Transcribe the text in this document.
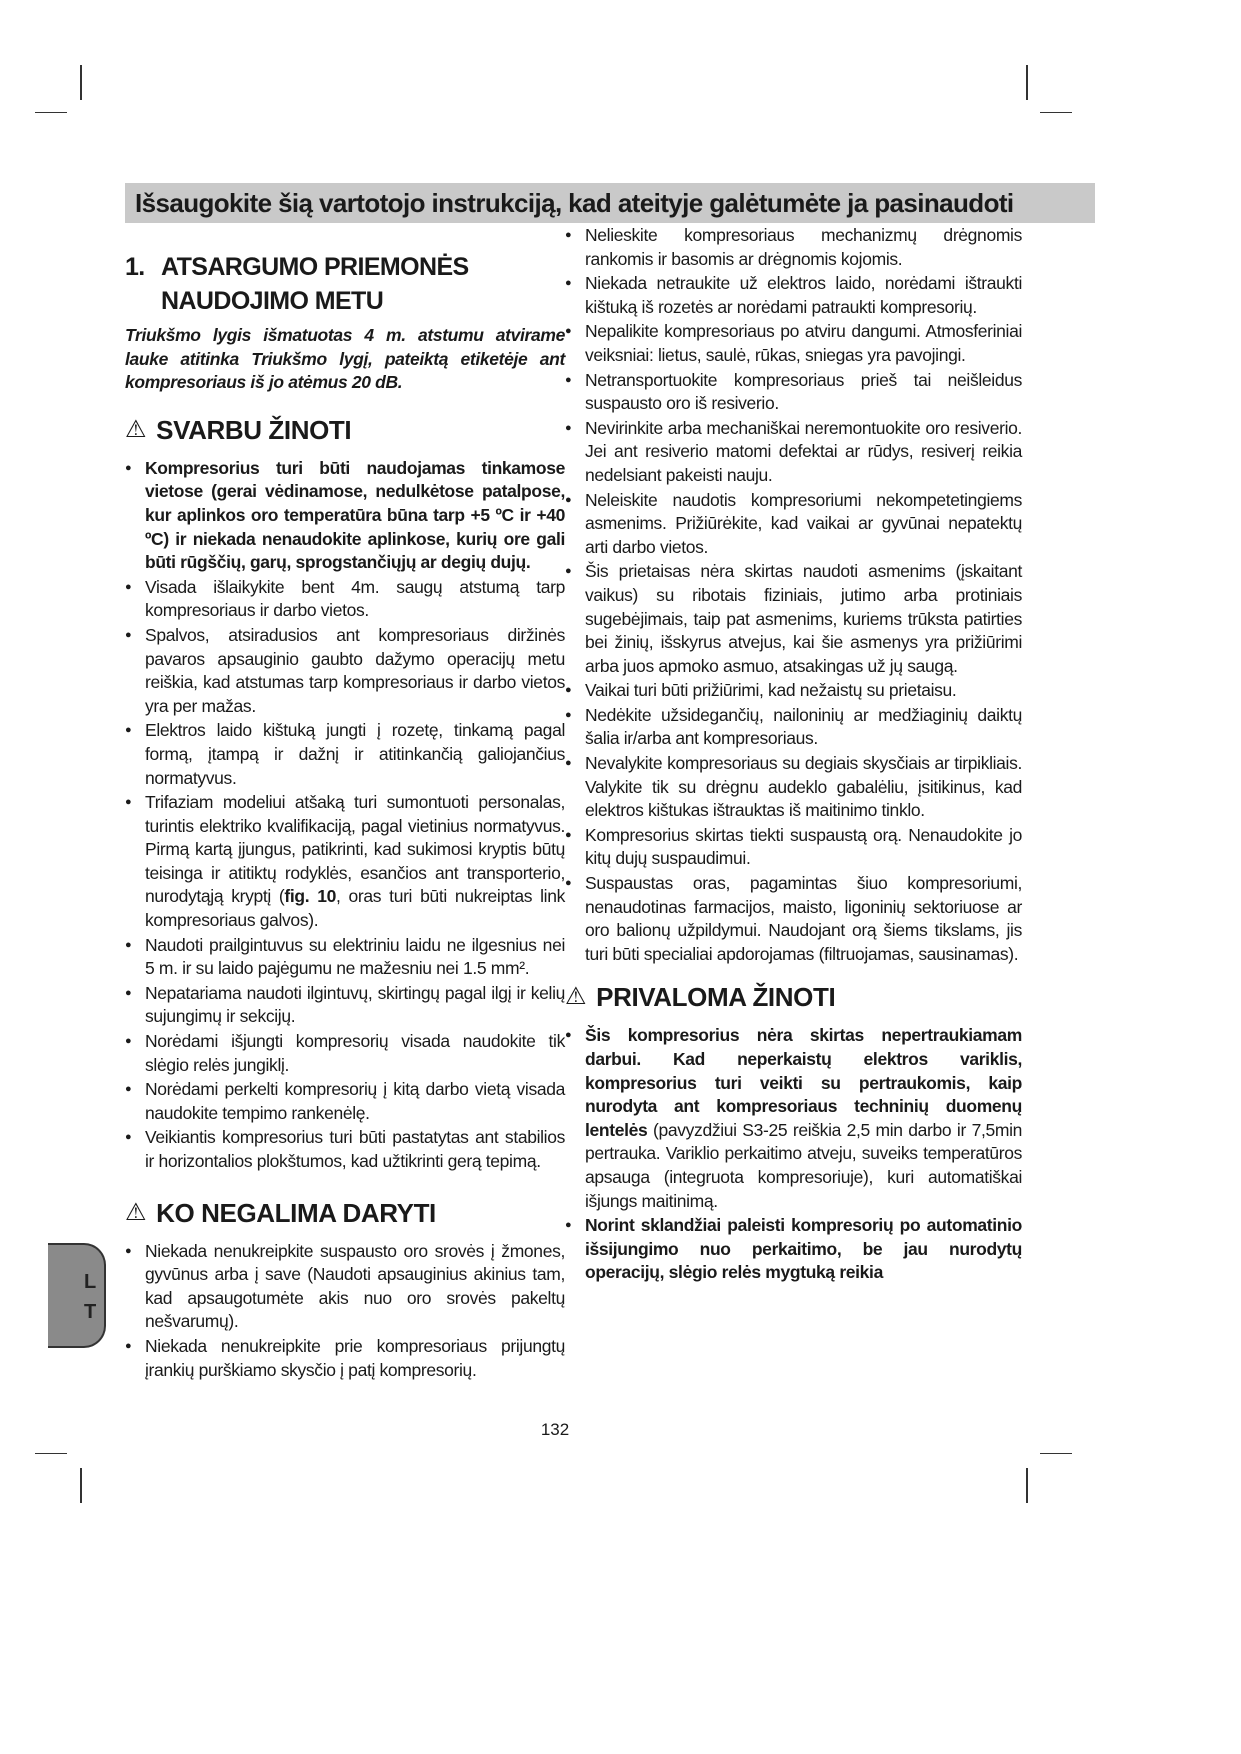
Išsaugokite šią vartotojo instrukciją, kad ateityje galėtumėte ja pasinaudoti
1. ATSARGUMO PRIEMONĖS NAUDOJIMO METU
Triukšmo lygis išmatuotas 4 m. atstumu atvirame lauke atitinka Triukšmo lygį, pateiktą etiketėje ant kompresoriaus iš jo atėmus 20 dB.
⚠ SVARBU ŽINOTI
● Kompresorius turi būti naudojamas tinkamose vietose (gerai vėdinamose, nedulkėtose patalpose, kur aplinkos oro temperatūra būna tarp +5 ºC ir +40 ºC) ir niekada nenaudokite aplinkose, kurių ore gali būti rūgščių, garų, sprogstančiųjų ar degių dujų.
● Visada išlaikykite bent 4m. saugų atstumą tarp kompresoriaus ir darbo vietos.
● Spalvos, atsiradusios ant kompresoriaus diržinės pavaros apsauginio gaubto dažymo operacijų metu reiškia, kad atstumas tarp kompresoriaus ir darbo vietos yra per mažas.
● Elektros laido kištuką jungti į rozetę, tinkamą pagal formą, įtampą ir dažnį ir atitinkančią galiojančius normatyvus.
● Trifaziam modeliui atšaką turi sumontuoti personalas, turintis elektriko kvalifikaciją, pagal vietinius normatyvus. Pirmą kartą įjungus, patikrinti, kad sukimosi kryptis būtų teisinga ir atitiktų rodyklės, esančios ant transporterio, nurodytąją kryptį (fig. 10, oras turi būti nukreiptas link kompresoriaus galvos).
● Naudoti prailgintuvus su elektriniu laidu ne ilgesnius nei 5 m. ir su laido pajėgumu ne mažesniu nei 1.5 mm².
● Nepatariama naudoti ilgintuvų, skirtingų pagal ilgį ir kelių sujungimų ir sekcijų.
● Norėdami išjungti kompresorių visada naudokite tik slėgio relės jungiklį.
● Norėdami perkelti kompresorių į kitą darbo vietą visada naudokite tempimo rankenėlę.
● Veikiantis kompresorius turi būti pastatytas ant stabilios ir horizontalios plokštumos, kad užtikrinti gerą tepimą.
⚠ KO NEGALIMA DARYTI
● Niekada nenukreipkite suspausto oro srovės į žmones, gyvūnus arba į save (Naudoti apsauginius akinius tam, kad apsaugotumėte akis nuo oro srovės pakeltų nešvarumų).
● Niekada nenukreipkite prie kompresoriaus prijungtų įrankių purškiamo skysčio į patį kompresorių.
● Nelieskite kompresoriaus mechanizmų drėgnomis rankomis ir basomis ar drėgnomis kojomis.
● Niekada netraukite už elektros laido, norėdami ištraukti kištuką iš rozetės ar norėdami patraukti kompresorių.
● Nepalikite kompresoriaus po atviru dangumi. Atmosferiniai veiksniai: lietus, saulė, rūkas, sniegas yra pavojingi.
● Netransportuokite kompresoriaus prieš tai neišleidus suspausto oro iš resiverio.
● Nevirinkite arba mechaniškai neremontuokite oro resiverio. Jei ant resiverio matomi defektai ar rūdys, resiverį reikia nedelsiant pakeisti nauju.
● Neleiskite naudotis kompresoriumi nekompetetingiems asmenims. Prižiūrėkite, kad vaikai ar gyvūnai nepatektų arti darbo vietos.
● Šis prietaisas nėra skirtas naudoti asmenims (įskaitant vaikus) su ribotais fiziniais, jutimo arba protiniais sugebėjimais, taip pat asmenims, kuriems trūksta patirties bei žinių, išskyrus atvejus, kai šie asmenys yra prižiūrimi arba juos apmoko asmuo, atsakingas už jų saugą.
● Vaikai turi būti prižiūrimi, kad nežaistų su prietaisu.
● Nedėkite užsidegančių, nailoninių ar medžiaginių daiktų šalia ir/arba ant kompresoriaus.
● Nevalykite kompresoriaus su degiais skysčiais ar tirpikliais. Valykite tik su drėgnu audeklo gabalėliu, įsitikinus, kad elektros kištukas ištrauktas iš maitinimo tinklo.
● Kompresorius skirtas tiekti suspaustą orą. Nenaudokite jo kitų dujų suspaudimui.
● Suspaustas oras, pagamintas šiuo kompresoriumi, nenaudotinas farmacijos, maisto, ligoninių sektoriuose ar oro balionų užpildymui. Naudojant orą šiems tikslams, jis turi būti specialiai apdorojamas (filtruojamas, sausinamas).
⚠ PRIVALOMA ŽINOTI
● Šis kompresorius nėra skirtas nepertraukiamam darbui. Kad neperkaistų elektros variklis, kompresorius turi veikti su pertraukomis, kaip nurodyta ant kompresoriaus techninių duomenų lentelės (pavyzdžiui S3-25 reiškia 2,5 min darbo ir 7,5min pertrauka. Variklio perkaitimo atveju, suveiks temperatūros apsauga (integruota kompresoriuje), kuri automatiškai išjungs maitinimą.
● Norint sklandžiai paleisti kompresorių po automatinio išsijungimo nuo perkaitimo, be jau nurodytų operacijų, slėgio relės mygtuką reikia
L
T
132
